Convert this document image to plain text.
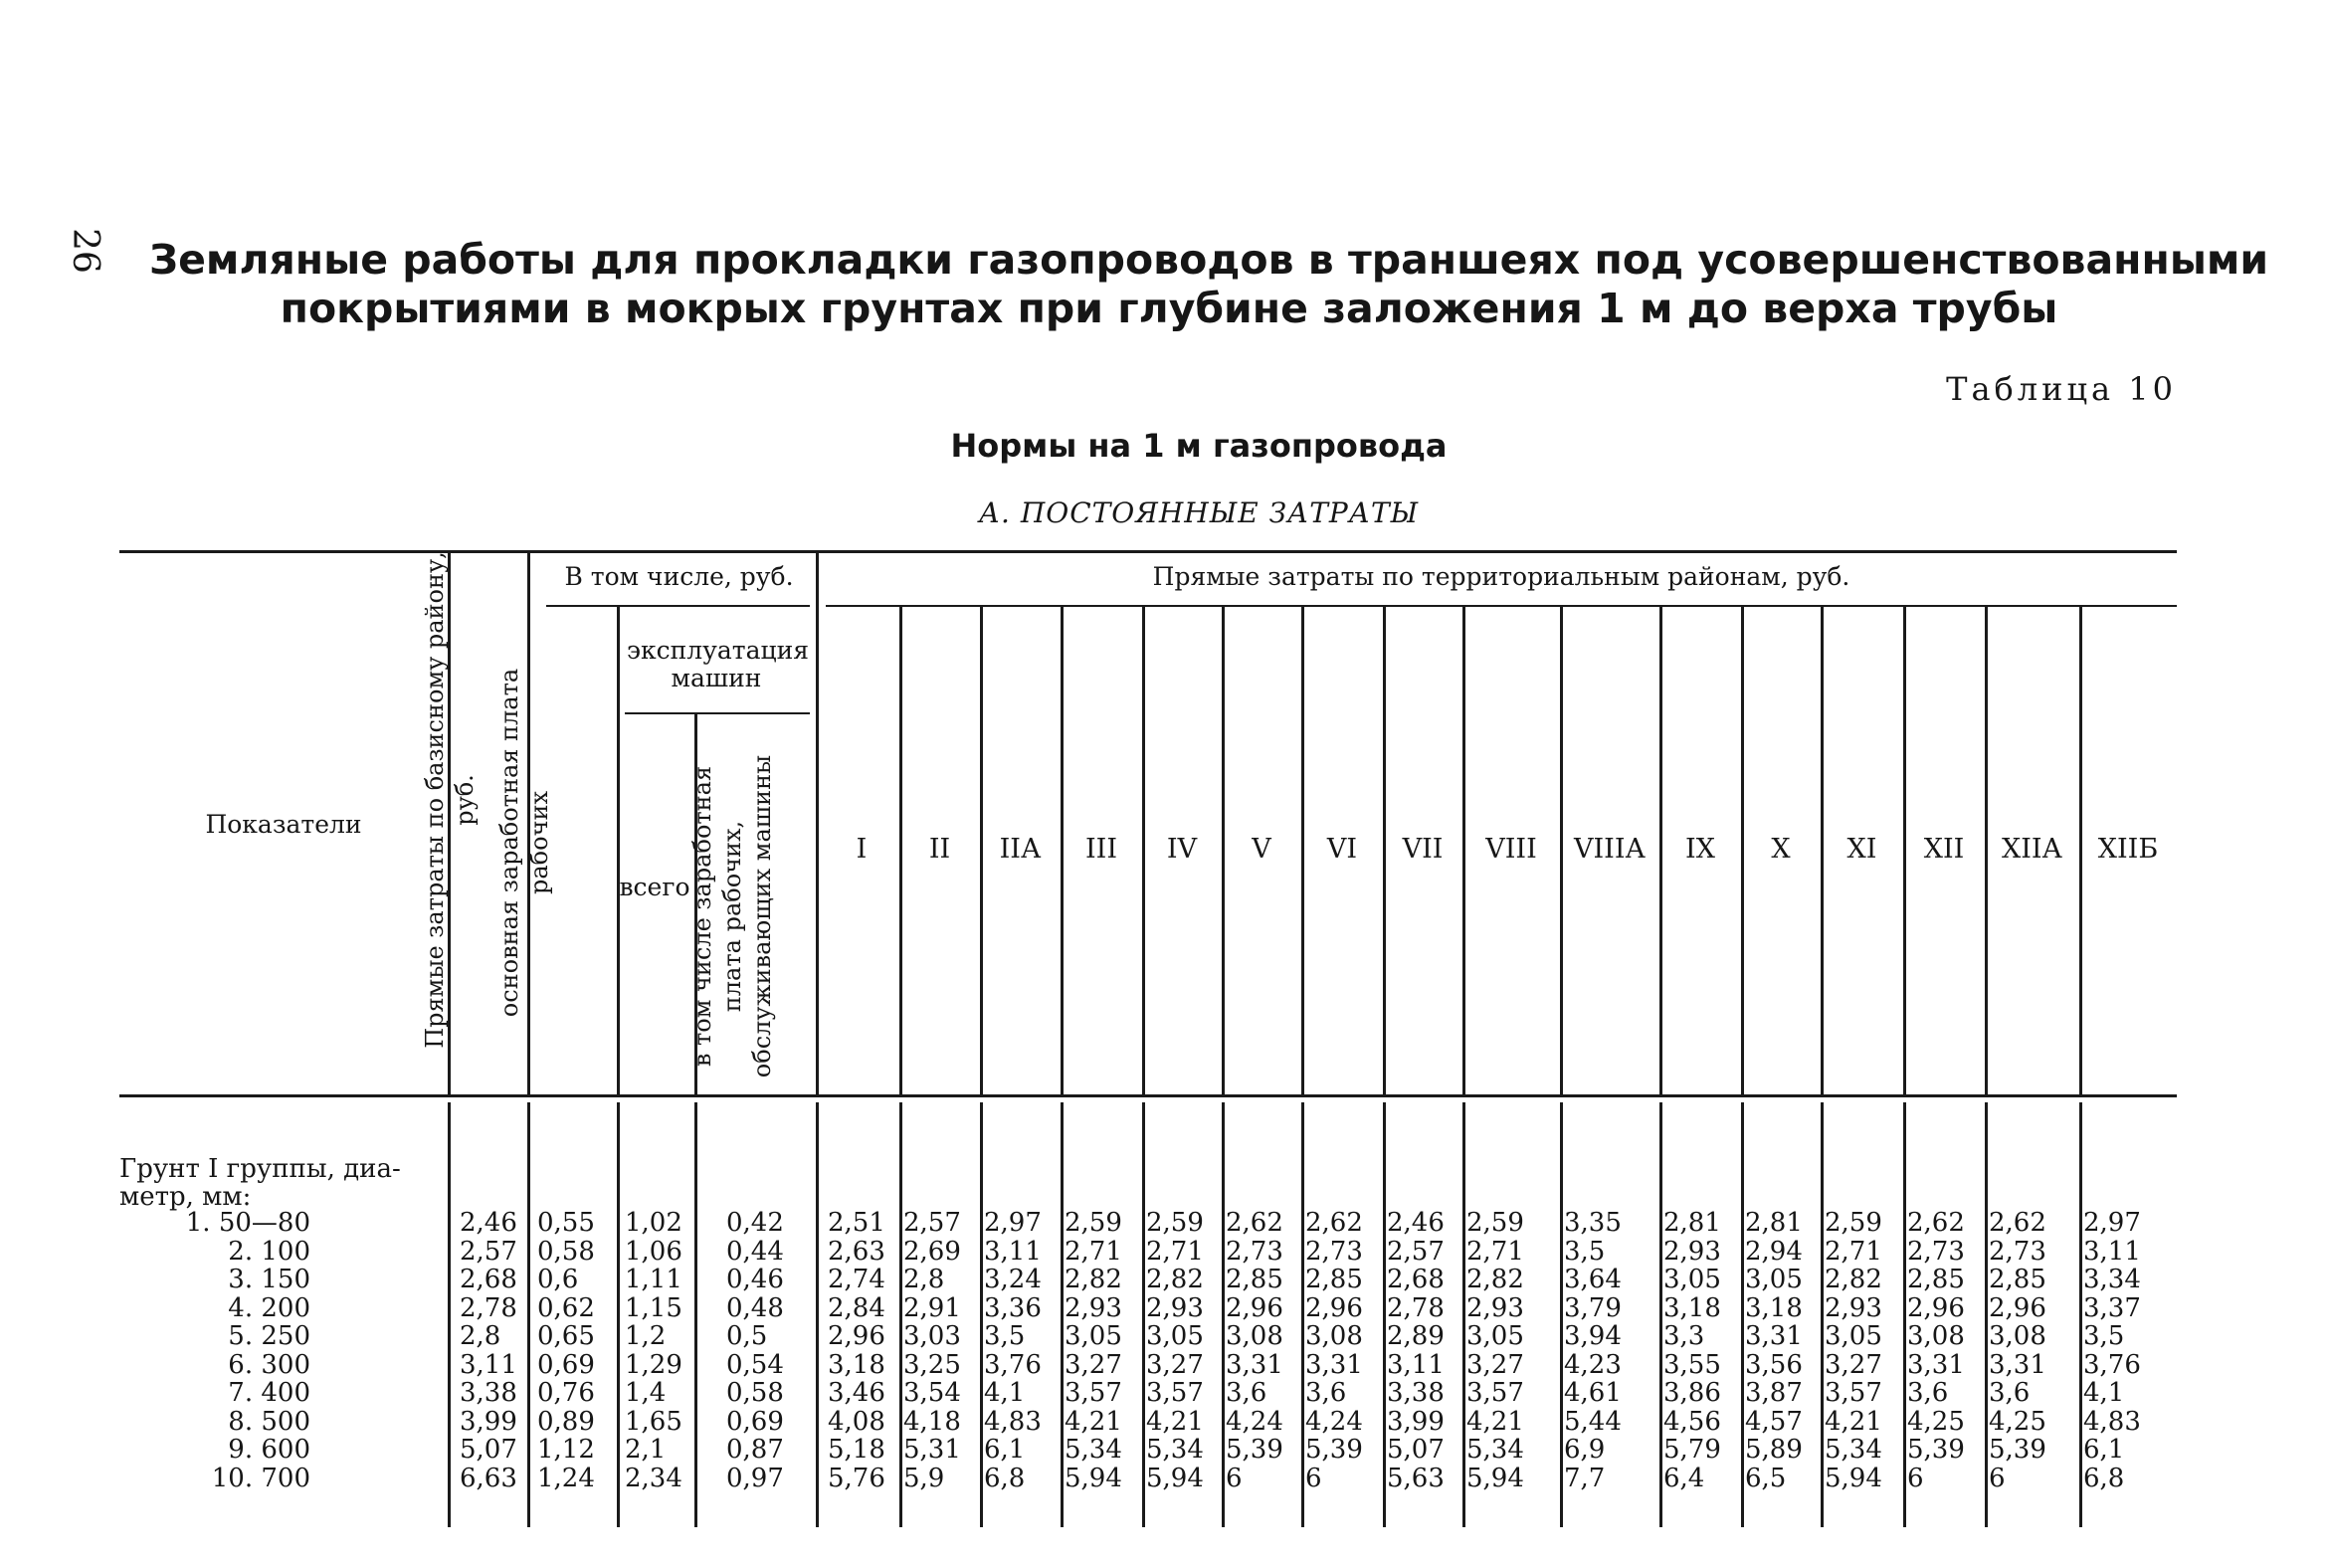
26 Земляные работы для прокладки газопроводов в траншеях под усовершенствованными
покрытиями в мокрых грунтах при глубине заложения 1 м до верха трубы
Таблица 10
Нормы на 1 м газопровода
А. ПОСТОЯННЫЕ ЗАТРАТЫ
Показатели	Прямые затраты по базисному району, руб.
В том числе, руб.
основная заработная плата рабочих
эксплуатация машин
всего
в том числе заработная плата рабочих, обслуживающих машины
Прямые затраты по территориальным районам, руб.
I	II	IIА	III	IV	V	VI	VII	VIII	VIIIА	IX	X	XI	XII	XIIА	XIIБ
Грунт I группы, диа-
метр, мм:
1. 50—80	2,46 0,55	1,02	0,42	2,51 2,57 2,97 2,59 2,59 2,62 2,62 2,46 2,59	3,35	2,81 2,81 2,59 2,62 2,62	2,97
2. 100	2,57 0,58	1,06	0,44	2,63 2,69 3,11 2,71 2,71 2,73 2,73 2,57 2,71	3,5	2,93 2,94 2,71 2,73 2,73	3,11
3. 150	2,68 0,6	1,11	0,46	2,74 2,8	3,24 2,82 2,82 2,85 2,85 2,68 2,82	3,64	3,05 3,05 2,82 2,85 2,85	3,34
4. 200	2,78 0,62	1,15	0,48	2,84 2,91 3,36 2,93 2,93 2,96 2,96 2,78 2,93	3,79	3,18 3,18 2,93 2,96 2,96	3,37
5. 250	2,8	0,65	1,2	0,5	2,96 3,03 3,5	3,05 3,05 3,08 3,08 2,89 3,05	3,94	3,3	3,31 3,05 3,08 3,08	3,5
6. 300	3,11 0,69	1,29	0,54	3,18 3,25 3,76 3,27 3,27 3,31 3,31 3,11 3,27	4,23	3,55 3,56 3,27 3,31 3,31	3,76
7. 400	3,38 0,76	1,4	0,58	3,46 3,54 4,1	3,57 3,57 3,6	3,6	3,38 3,57	4,61	3,86 3,87 3,57 3,6	3,6	4,1
8. 500	3,99 0,89	1,65	0,69	4,08 4,18 4,83 4,21 4,21 4,24 4,24 3,99 4,21	5,44	4,56 4,57 4,21 4,25 4,25	4,83
9. 600	5,07 1,12	2,1	0,87	5,18 5,31 6,1	5,34 5,34 5,39 5,39 5,07 5,34	6,9	5,79 5,89 5,34 5,39 5,39	6,1
10. 700	6,63 1,24	2,34	0,97	5,76 5,9	6,8	5,94 5,94 6	6	5,63 5,94	7,7	6,4	6,5	5,94 6	6	6,8
